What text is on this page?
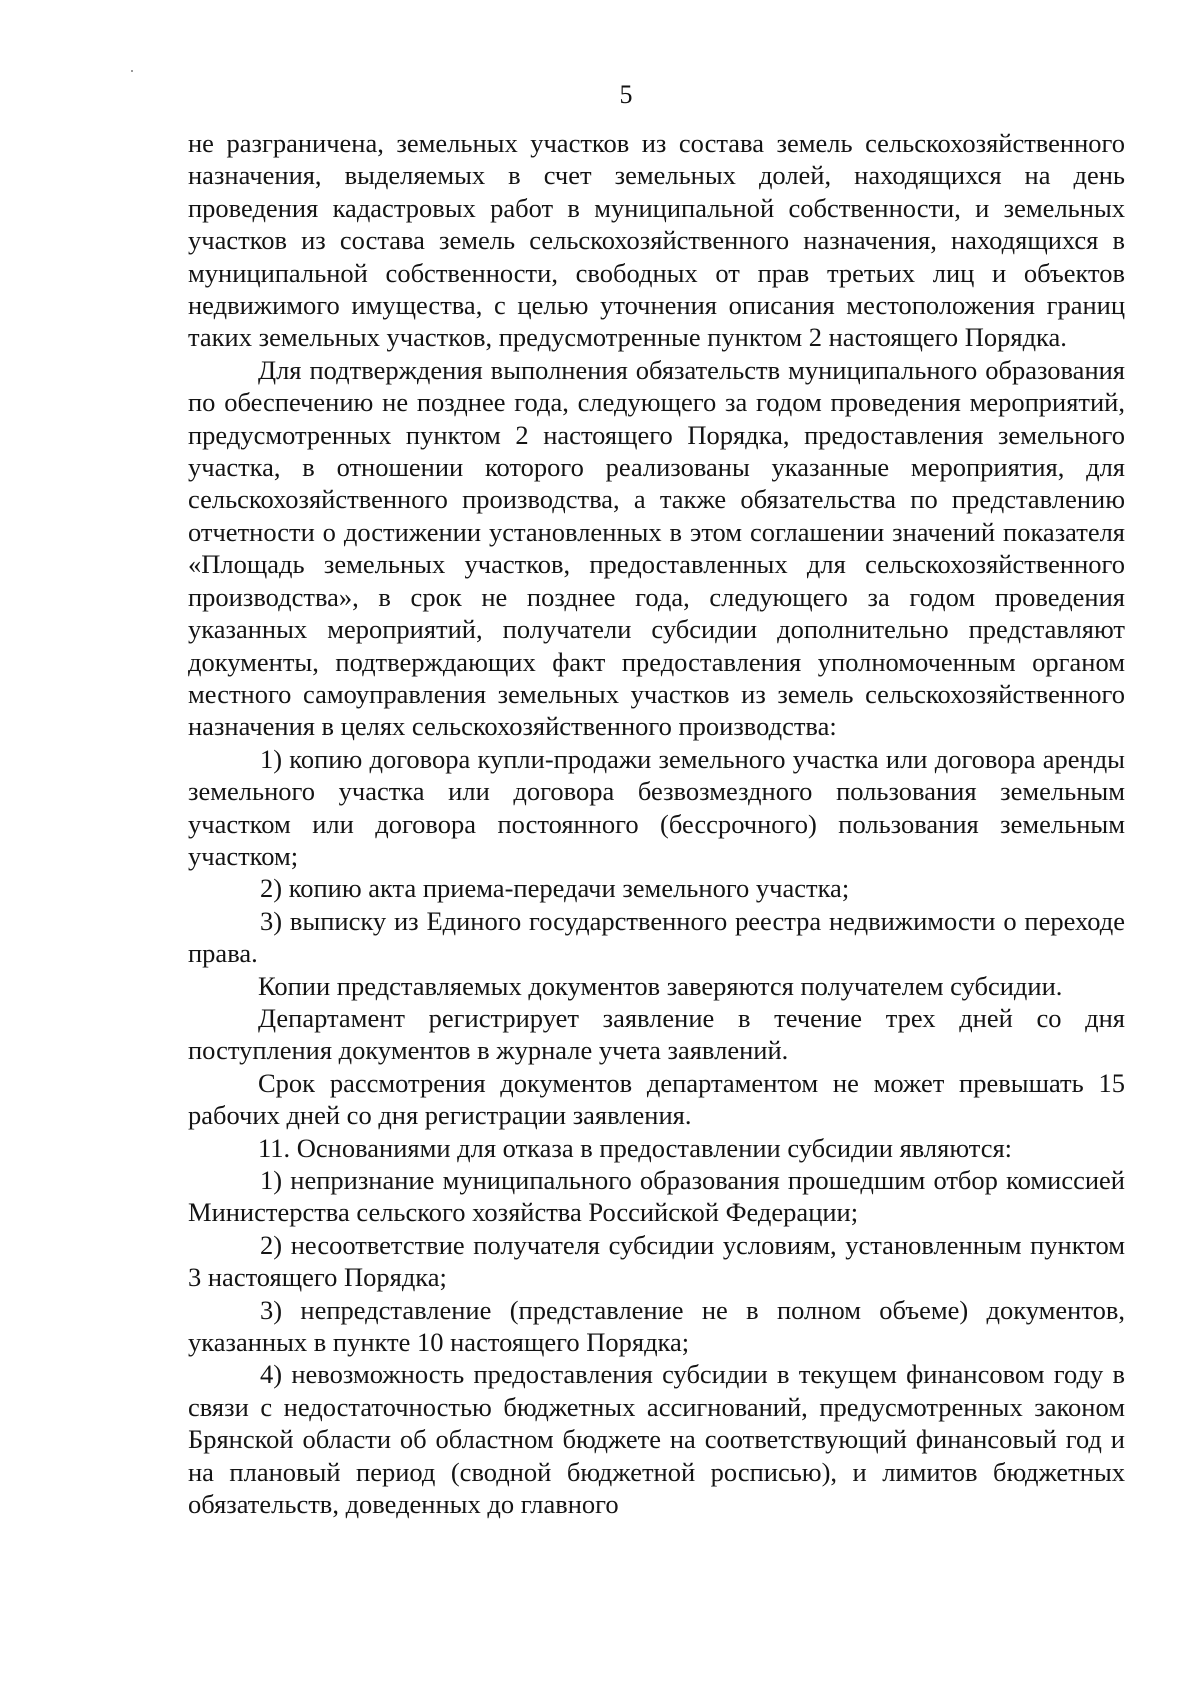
5

не разграничена, земельных участков из состава земель сельскохозяйственного назначения, выделяемых в счет земельных долей, находящихся на день проведения кадастровых работ в муниципальной собственности, и земельных участков из состава земель сельскохозяйственного назначения, находящихся в муниципальной собственности, свободных от прав третьих лиц и объектов недвижимого имущества, с целью уточнения описания местоположения границ таких земельных участков, предусмотренные пунктом 2 настоящего Порядка.

Для подтверждения выполнения обязательств муниципального образования по обеспечению не позднее года, следующего за годом проведения мероприятий, предусмотренных пунктом 2 настоящего Порядка, предоставления земельного участка, в отношении которого реализованы указанные мероприятия, для сельскохозяйственного производства, а также обязательства по представлению отчетности о достижении установленных в этом соглашении значений показателя «Площадь земельных участков, предоставленных для сельскохозяйственного производства», в срок не позднее года, следующего за годом проведения указанных мероприятий, получатели субсидии дополнительно представляют документы, подтверждающих факт предоставления уполномоченным органом местного самоуправления земельных участков из земель сельскохозяйственного назначения в целях сельскохозяйственного производства:

1) копию договора купли-продажи земельного участка или договора аренды земельного участка или договора безвозмездного пользования земельным участком или договора постоянного (бессрочного) пользования земельным участком;

2) копию акта приема-передачи земельного участка;

3) выписку из Единого государственного реестра недвижимости о переходе права.

Копии представляемых документов заверяются получателем субсидии.

Департамент регистрирует заявление в течение трех дней со дня поступления документов в журнале учета заявлений.

Срок рассмотрения документов департаментом не может превышать 15 рабочих дней со дня регистрации заявления.

11. Основаниями для отказа в предоставлении субсидии являются:

1) непризнание муниципального образования прошедшим отбор комиссией Министерства сельского хозяйства Российской Федерации;

2) несоответствие получателя субсидии условиям, установленным пунктом 3 настоящего Порядка;

3) непредставление (представление не в полном объеме) документов, указанных в пункте 10 настоящего Порядка;

4) невозможность предоставления субсидии в текущем финансовом году в связи с недостаточностью бюджетных ассигнований, предусмотренных законом Брянской области об областном бюджете на соответствующий финансовый год и на плановый период (сводной бюджетной росписью), и лимитов бюджетных обязательств, доведенных до главного
